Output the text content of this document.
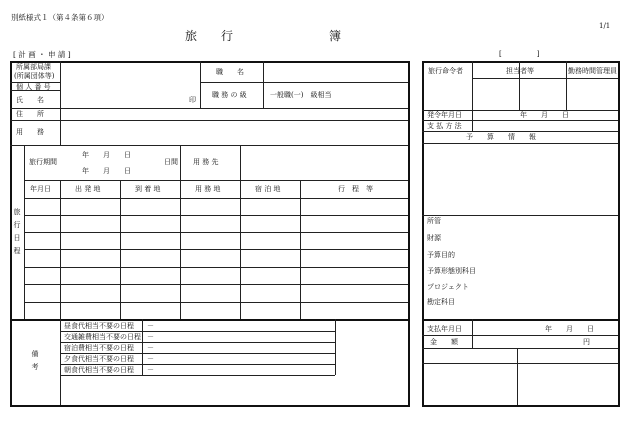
別紙様式１（第４条第６項）
1/1
旅　　行　　　　　　　　簿
[ 計 画 ・ 申 請 ]	[　　　　　]
所属部局課
(所属団体等)
個 人 番 号
氏　　名	印
住　　所
用　　務
職　　名
職 務 の 級	一般職(一)　級相当
旅行期間
年　　月　　日
日間
年　　月　　日
用 務 先
旅行日程
年月日	出 発 地	到 着 地	用 務 地	宿 泊 地	行　程　等
備考
昼食代相当不要の日程 －
交通雑費相当不要の日程 －
宿泊費相当不要の日程 －
夕食代相当不要の日程 －
朝食代相当不要の日程 －
旅行命令者	担当者等	勤務時間管理員
発令年月日	年　　月　　日
支 払 方 法
予　　算　　情　　報
所管
財源
予算目的
予算形態別科目
プロジェクト
勘定科目
支払年月日	年　　月　　日
金　　額	円
